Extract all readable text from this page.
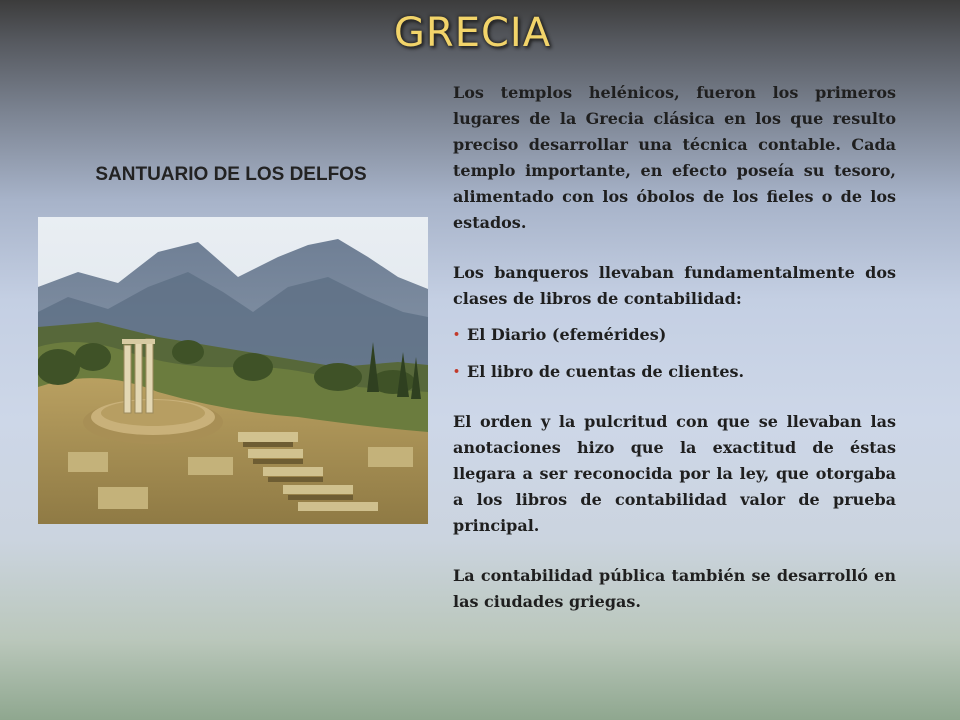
GRECIA
SANTUARIO DE LOS DELFOS

Los templos helénicos, fueron los primeros lugares de la Grecia clásica en los que resulto preciso desarrollar una técnica contable. Cada templo importante, en efecto poseía su tesoro, alimentado con los óbolos de los fieles o de los estados.

Los banqueros llevaban fundamentalmente dos clases de libros de contabilidad:

• El Diario (efemérides)
• El libro de cuentas de clientes.

El orden y la pulcritud con que se llevaban las anotaciones hizo que la exactitud de éstas llegara a ser reconocida por la ley, que otorgaba a los libros de contabilidad valor de prueba principal.

La contabilidad pública también se desarrolló en las ciudades griegas.
